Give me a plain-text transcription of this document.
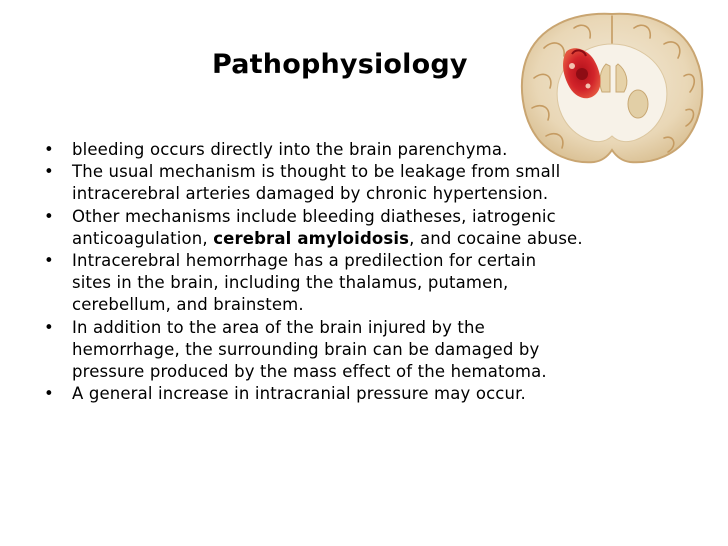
Pathophysiology
• bleeding occurs directly into the brain parenchyma.
• The usual mechanism is thought to be leakage from small
intracerebral arteries damaged by chronic hypertension.
• Other mechanisms include bleeding diatheses, iatrogenic
anticoagulation, cerebral amyloidosis, and cocaine abuse.
• Intracerebral hemorrhage has a predilection for certain
sites in the brain, including the thalamus, putamen,
cerebellum, and brainstem.
• In addition to the area of the brain injured by the
hemorrhage, the surrounding brain can be damaged by
pressure produced by the mass effect of the hematoma.
• A general increase in intracranial pressure may occur.
